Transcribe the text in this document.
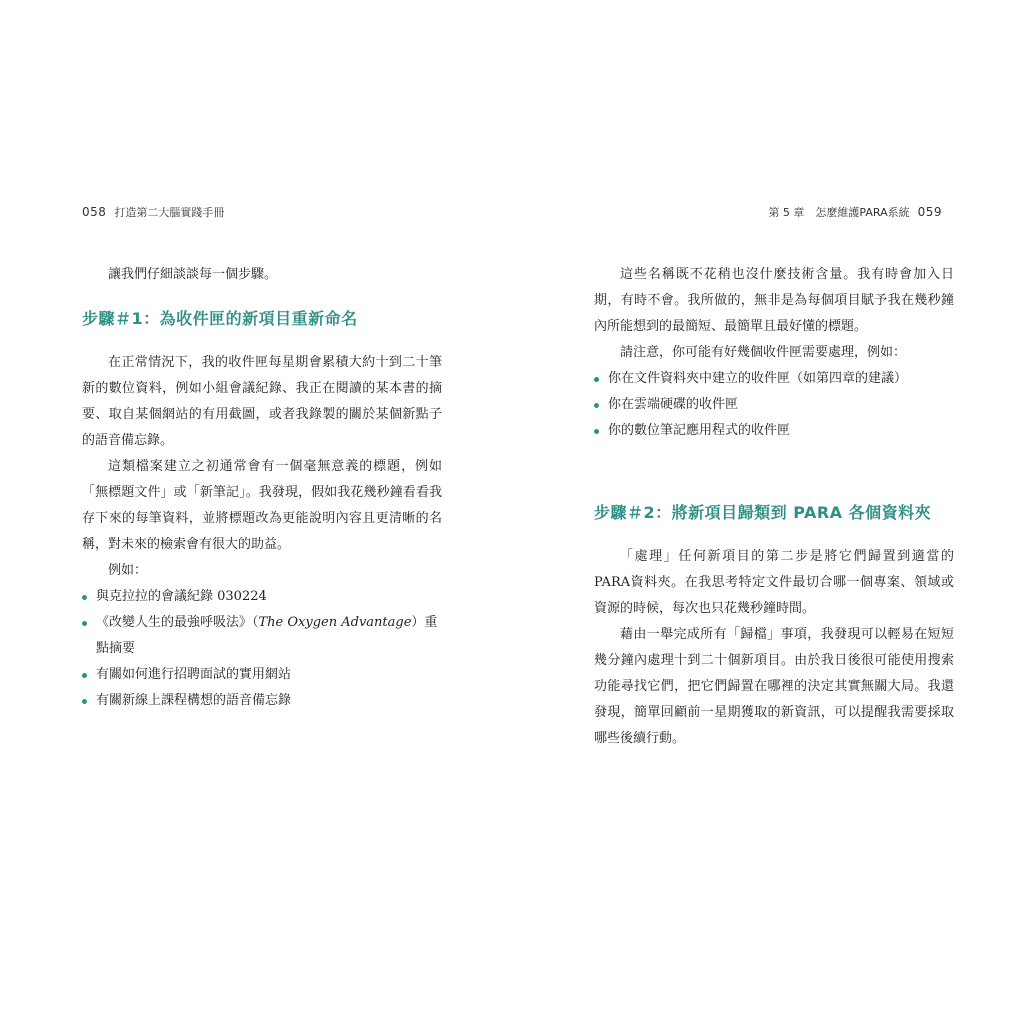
058 打造第二大腦實踐手冊	第 5 章　怎麼維護PARA系統 059

讓我們仔細談談每一個步驟。

步驟＃1：為收件匣的新項目重新命名

在正常情況下，我的收件匣每星期會累積大約十到二十筆新的數位資料，例如小組會議紀錄、我正在閱讀的某本書的摘要、取自某個網站的有用截圖，或者我錄製的關於某個新點子的語音備忘錄。

這類檔案建立之初通常會有一個毫無意義的標題，例如「無標題文件」或「新筆記」。我發現，假如我花幾秒鐘看看我存下來的每筆資料，並將標題改為更能說明內容且更清晰的名稱，對未來的檢索會有很大的助益。

例如：

與克拉拉的會議紀錄 030224
《改變人生的最強呼吸法》（The Oxygen Advantage）重點摘要
有關如何進行招聘面試的實用網站
有關新線上課程構想的語音備忘錄

這些名稱既不花稍也沒什麼技術含量。我有時會加入日期，有時不會。我所做的，無非是為每個項目賦予我在幾秒鐘內所能想到的最簡短、最簡單且最好懂的標題。

請注意，你可能有好幾個收件匣需要處理，例如：

你在文件資料夾中建立的收件匣（如第四章的建議）
你在雲端硬碟的收件匣
你的數位筆記應用程式的收件匣
步驟＃2：將新項目歸類到 PARA 各個資料夾

「處理」任何新項目的第二步是將它們歸置到適當的PARA資料夾。在我思考特定文件最切合哪一個專案、領域或資源的時候，每次也只花幾秒鐘時間。

藉由一舉完成所有「歸檔」事項，我發現可以輕易在短短幾分鐘內處理十到二十個新項目。由於我日後很可能使用搜索功能尋找它們，把它們歸置在哪裡的決定其實無關大局。我還發現，簡單回顧前一星期獲取的新資訊，可以提醒我需要採取哪些後續行動。
